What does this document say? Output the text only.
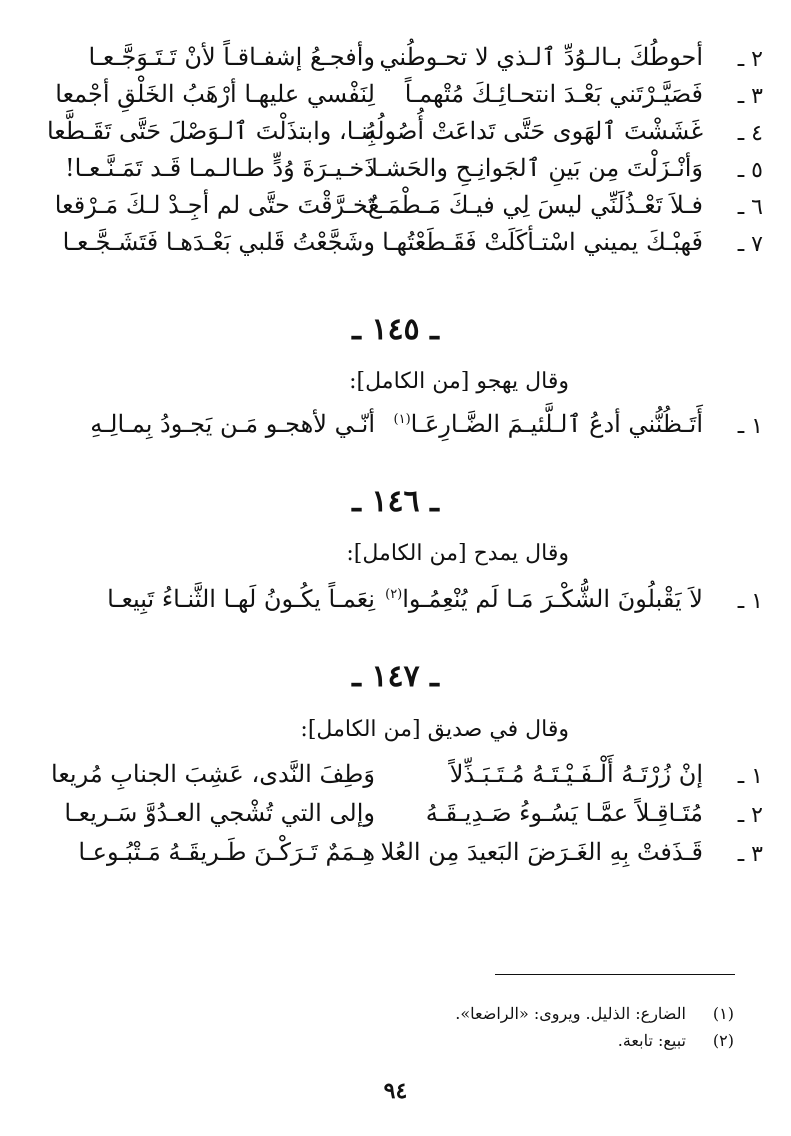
٢ ـ
أحوطُكَ بـالـوُدِّ ٱلـذي لا تحـوطُني
وأفجـعُ إشفـاقـاً لأنْ تَـتَـوَجَّـعـا
٣ ـ
فَصَيَّـرْتَني بَعْـدَ انتحـائِـكَ مُتْهمـاً
لِنَفْسي عليهـا أرْهَبُ الخَلْقِ أجْمعا
٤ ـ
غَشَشْتَ ٱلهَوى حَتَّى تَداعَتْ أُصُولُهُ
بِنـا، وابتذَلْتَ ٱلـوَصْلَ حَتَّى تَقَـطَّعا
٥ ـ
وَأنْـزَلْتَ مِن بَينِ ٱلجَوانِـحِ والحَشـا
ذَخـيـرَةَ وُدٍّ طـالـمـا قَـد تَمَـنَّـعـا!
٦ ـ
فـلاَ تَعْـذُلَنِّي ليسَ لِي فيـكَ مَـطْمَـعٌ
تَخـرَّقْتَ حتَّى لم أجِـدْ لـكَ مَـرْقعا
٧ ـ
فَهبْـكَ يميني اسْتـأكَلَتْ فَقَـطَعْتُهـا
وشَجَّعْتُ قَلبي بَعْـدَهـا فَتَشَـجَّـعـا
ـ ١٤٥ ـ
وقال يهجو [من الكامل]:
١ ـ
أَتَـظُنُّني أدعُ ٱلـلَّئيـمَ الضَّـارِعَـا$^{(١)}$
أنّـي لأهجـو مَـن يَجـودُ بِمـالِـهِ
ـ ١٤٦ ـ
وقال يمدح [من الكامل]:
١ ـ
لاَ يَقْبلُونَ الشُّكْـرَ مَـا لَم يُنْعِمُـوا$^{(٢)}$
نِعَمـاً يكُـونُ لَهـا الثَّنـاءُ تَبِيعـا
ـ ١٤٧ ـ
وقال في صديق [من الكامل]:
١ ـ
إنْ زُرْتَـهُ أَلْـفَـيْـتَـهُ مُـتَـبَـذِّلاً
وَطِفَ النَّدى، عَشِبَ الجنابِ مُريعا
٢ ـ
مُتَـاقِـلاً عمَّـا يَسُـوءُ صَـدِيـقَـهُ
وإلى التي تُشْجي العـدُوَّ سَـريعـا
٣ ـ
قَـذَفتْ بِهِ الغَـرَضَ البَعيدَ مِن العُلا
هِـمَمٌ تَـرَكْـنَ طَـريقَـهُ مَـتْبُـوعـا
(١)الضارع: الذليل. ويروى: «الراضعا».
(٢)تبيع: تابعة.
٩٤
